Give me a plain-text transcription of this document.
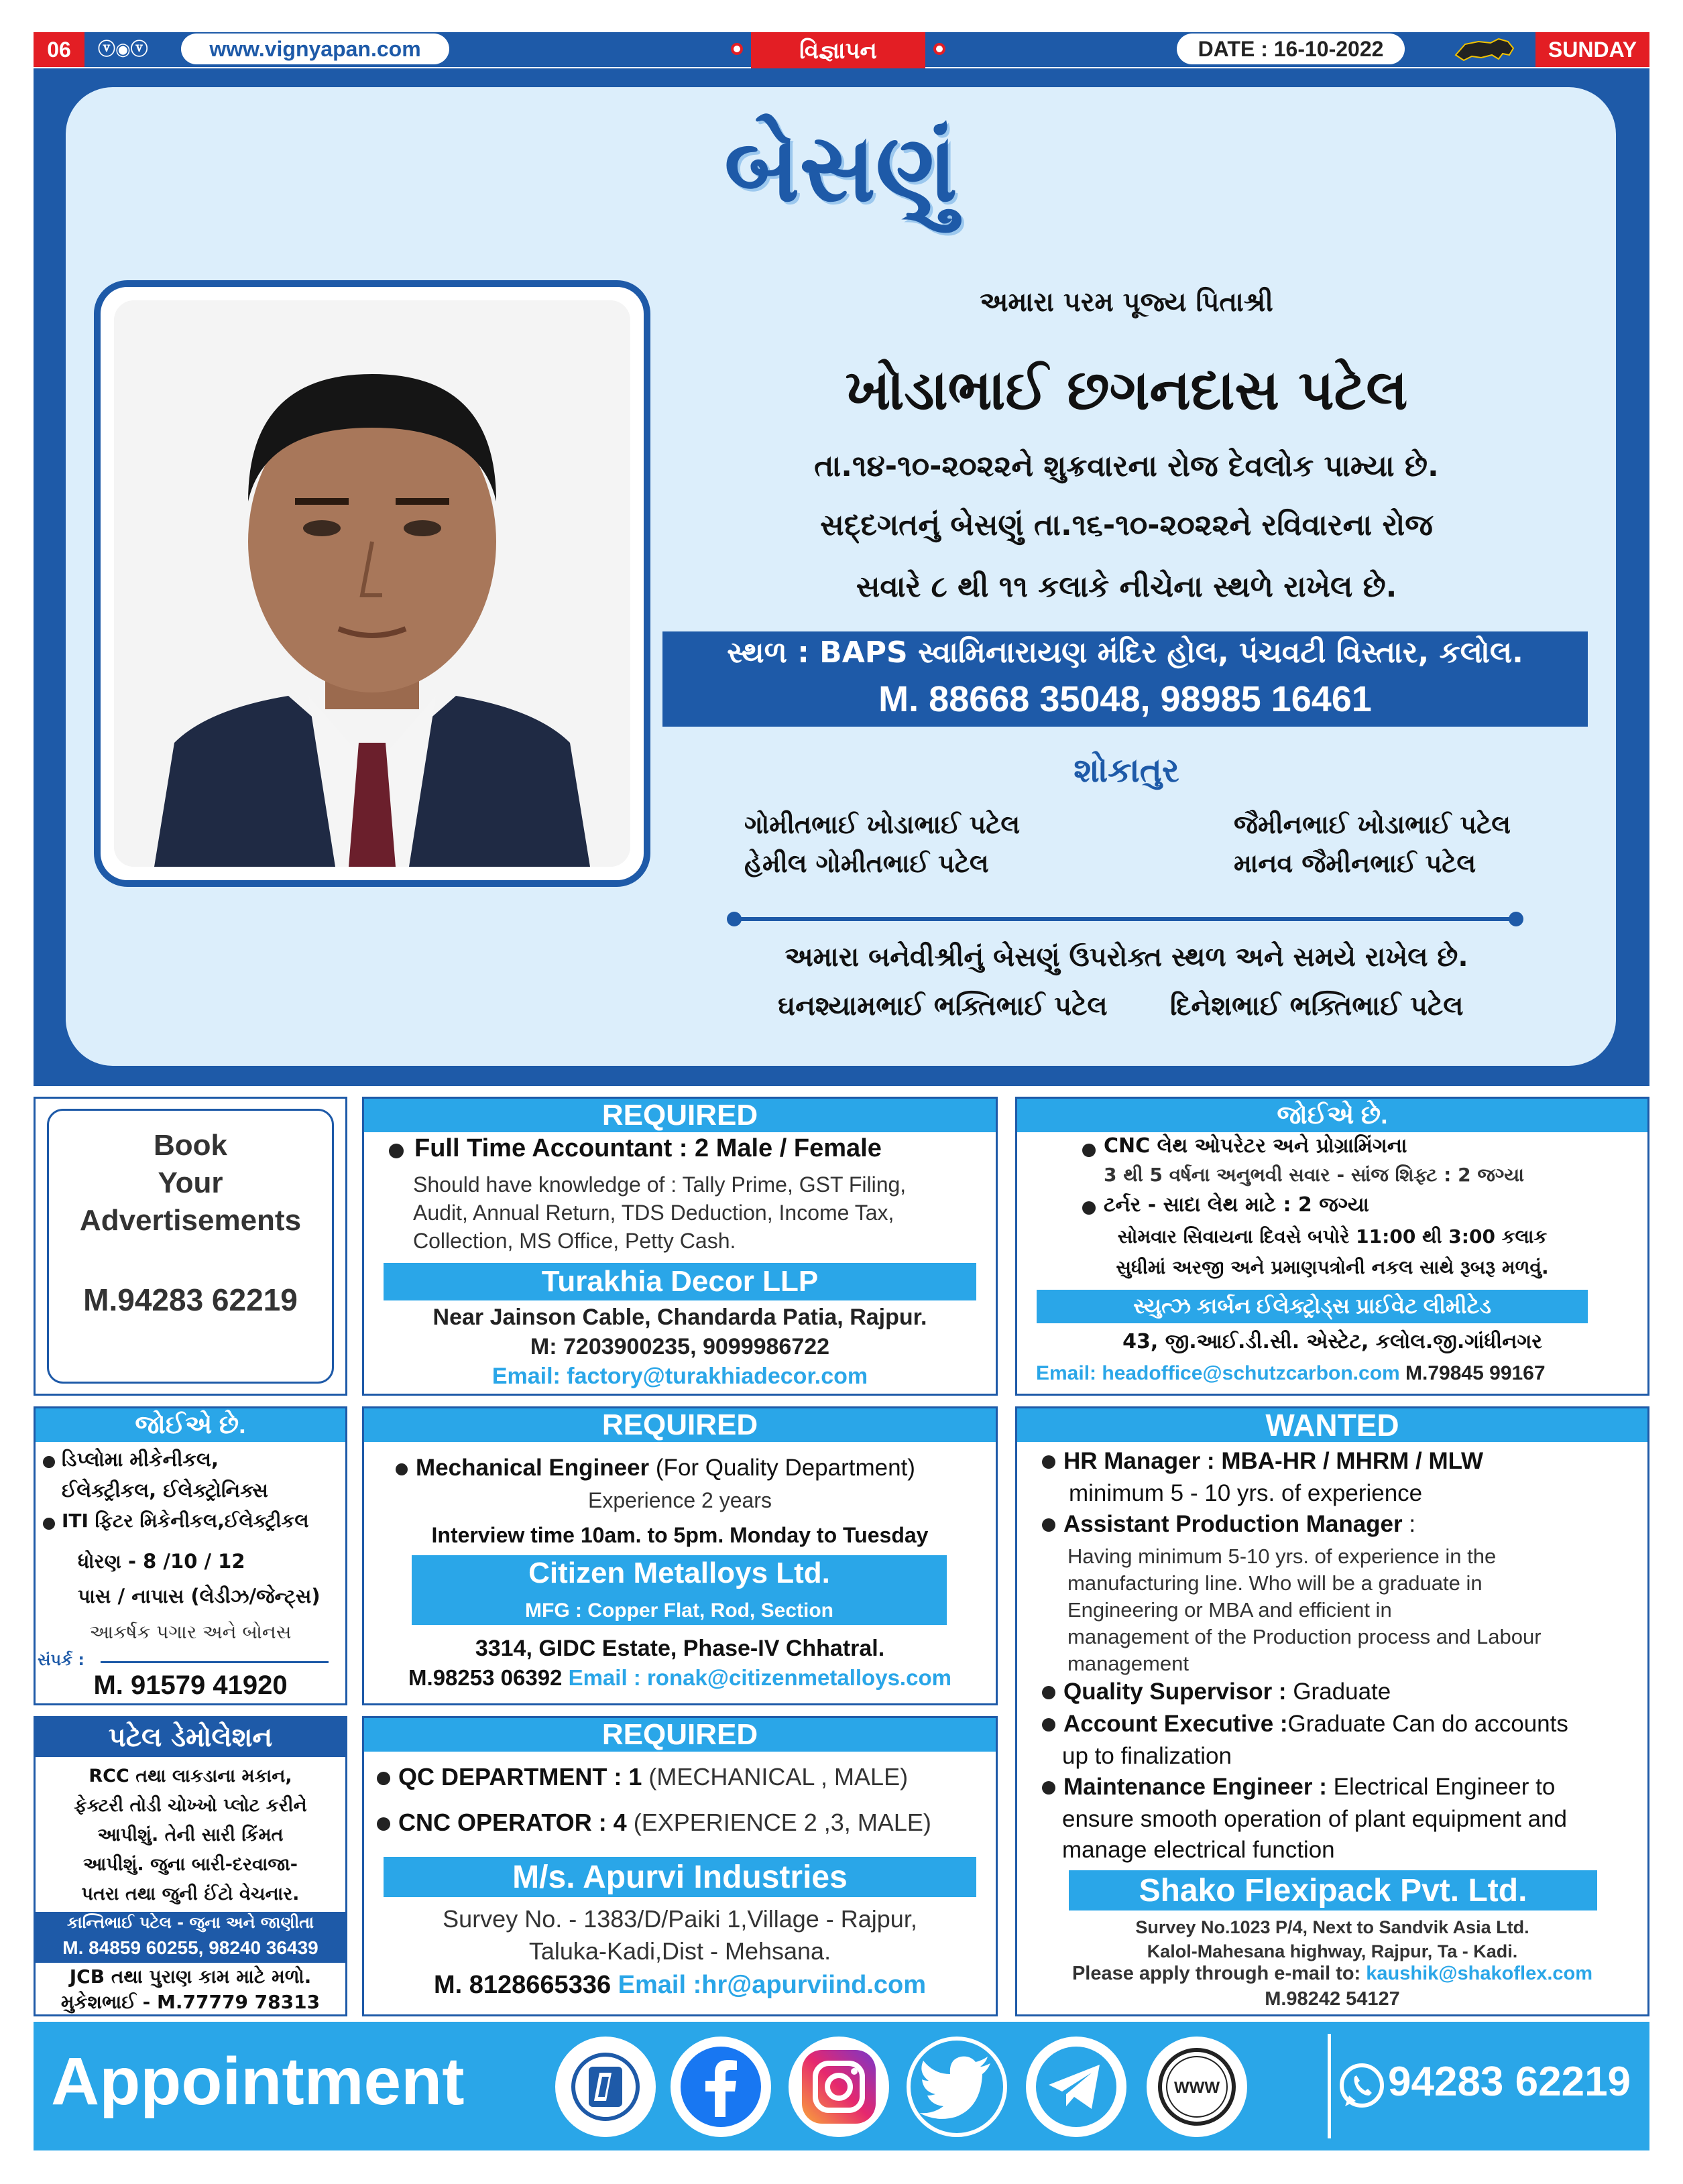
06	ⓥ◉ⓥ	www.vignyapan.com	વિજ્ઞાપન	DATE : 16-10-2022	SUNDAY
બેસણું
અમારા પરમ પૂજ્ય પિતાશ્રી
ખોડાભાઈ છગનદાસ પટેલ
તા.૧૪-૧૦-૨૦૨૨ને શુક્રવારના રોજ દેવલોક પામ્યા છે.
સદ્દગતનું બેસણું તા.૧૬-૧૦-૨૦૨૨ને રવિવારના રોજ
સવારે ૮ થી ૧૧ કલાકે નીચેના સ્થળે રાખેલ છે.
સ્થળ : BAPS સ્વામિનારાયણ મંદિર હોલ, પંચવટી વિસ્તાર, કલોલ.
M. 88668 35048, 98985 16461
શોકાતુર
ગોમીતભાઈ ખોડાભાઈ પટેલ	જૈમીનભાઈ ખોડાભાઈ પટેલ
હેમીલ ગોમીતભાઈ પટેલ	માનવ જૈમીનભાઈ પટેલ
અમારા બનેવીશ્રીનું બેસણું ઉપરોક્ત સ્થળ અને સમયે રાખેલ છે.
ઘનશ્યામભાઈ ભક્તિભાઈ પટેલ	દિનેશભાઈ ભક્તિભાઈ પટેલ
Book
Your
Advertisements
M.94283 62219
REQUIRED
Full Time Accountant : 2 Male / Female
Should have knowledge of : Tally Prime, GST Filing,
Audit, Annual Return, TDS Deduction, Income Tax,
Collection, MS Office, Petty Cash.
Turakhia Decor LLP
Near Jainson Cable, Chandarda Patia, Rajpur.
M: 7203900235, 9099986722
Email: factory@turakhiadecor.com
જોઈએ છે.
CNC લેથ ઓપરેટર અને પ્રોગ્રામિંગના
3 થી 5 વર્ષના અનુભવી સવાર - સાંજ શિફ્ટ : 2 જગ્યા
ટર્નર - સાદા લેથ માટે : 2 જગ્યા
સોમવાર સિવાયના દિવસે બપોરે 11:00 થી 3:00 કલાક
સુધીમાં અરજી અને પ્રમાણપત્રોની નકલ સાથે રૂબરૂ મળવું.
સ્યુત્ઝ કાર્બન ઈલેક્ટ્રોડ્સ પ્રાઈવેટ લીમીટેડ
43, જી.આઈ.ડી.સી. એસ્ટેટ, કલોલ.જી.ગાંધીનગર
Email: headoffice@schutzcarbon.com M.79845 99167
જોઈએ છે.
ડિપ્લોમા મીકેનીકલ,
ઈલેક્ટ્રીકલ, ઈલેક્ટ્રોનિક્સ
ITI ફિટર મિકેનીકલ,ઈલેક્ટ્રીકલ
ધોરણ - 8 /10 / 12
પાસ / નાપાસ (લેડીઝ/જેન્ટ્સ)
આકર્ષક પગાર અને બોનસ
સંપર્ક :
M. 91579 41920
REQUIRED
Mechanical Engineer (For Quality Department)
Experience 2 years
Interview time 10am. to 5pm. Monday to Tuesday
Citizen Metalloys Ltd.
MFG : Copper Flat, Rod, Section
3314, GIDC Estate, Phase-IV Chhatral.
M.98253 06392 Email : ronak@citizenmetalloys.com
WANTED
HR Manager : MBA-HR / MHRM / MLW
minimum 5 - 10 yrs. of experience
Assistant Production Manager :
Having minimum 5-10 yrs. of experience in the
manufacturing line. Who will be a graduate in
Engineering or MBA and efficient in
management of the Production process and Labour
management
Quality Supervisor : Graduate
Account Executive :Graduate Can do accounts
up to finalization
Maintenance Engineer : Electrical Engineer to
ensure smooth operation of plant equipment and
manage electrical function
Shako Flexipack Pvt. Ltd.
Survey No.1023 P/4, Next to Sandvik Asia Ltd.
Kalol-Mahesana highway, Rajpur, Ta - Kadi.
Please apply through e-mail to: kaushik@shakoflex.com
M.98242 54127
પટેલ ડેમોલેશન
RCC તથા લાકડાના મકાન,
ફેક્ટરી તોડી ચોખ્ખો પ્લોટ કરીને
આપીશું. તેની સારી કિંમત
આપીશું. જુના બારી-દરવાજા-
પતરા તથા જુની ઈંટો વેચનાર.
કાન્તિભાઈ પટેલ - જુના અને જાણીતા
M. 84859 60255, 98240 36439
JCB તથા પુરાણ કામ માટે મળો.
મુકેશભાઈ - M.77779 78313
REQUIRED
QC DEPARTMENT : 1 (MECHANICAL , MALE)
CNC OPERATOR : 4 (EXPERIENCE 2 ,3, MALE)
M/s. Apurvi Industries
Survey No. - 1383/D/Paiki 1,Village - Rajpur,
Taluka-Kadi,Dist - Mehsana.
M. 8128665336 Email :hr@apurviind.com
Appointment	WWW	94283 62219
